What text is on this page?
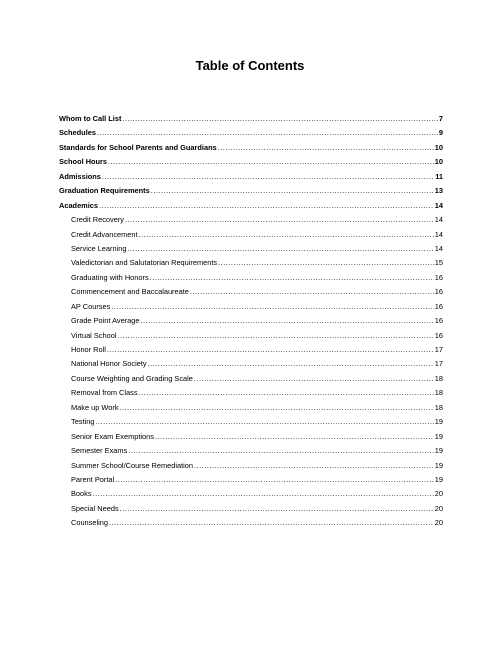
Table of Contents
Whom to Call List .....	7
Schedules .....	9
Standards for School Parents and Guardians .....	10
School Hours .....	10
Admissions .....	11
Graduation Requirements .....	13
Academics .....	14
Credit Recovery .....	14
Credit Advancement .....	14
Service Learning .....	14
Valedictorian and Salutatorian Requirements .....	15
Graduating with Honors .....	16
Commencement and Baccalaureate .....	16
AP Courses .....	16
Grade Point Average .....	16
Virtual School .....	16
Honor Roll .....	17
National Honor Society .....	17
Course Weighting and Grading Scale .....	18
Removal from Class .....	18
Make up Work .....	18
Testing .....	19
Senior Exam Exemptions .....	19
Semester Exams .....	19
Summer School/Course Remediation .....	19
Parent Portal .....	19
Books .....	20
Special Needs .....	20
Counseling .....	20
